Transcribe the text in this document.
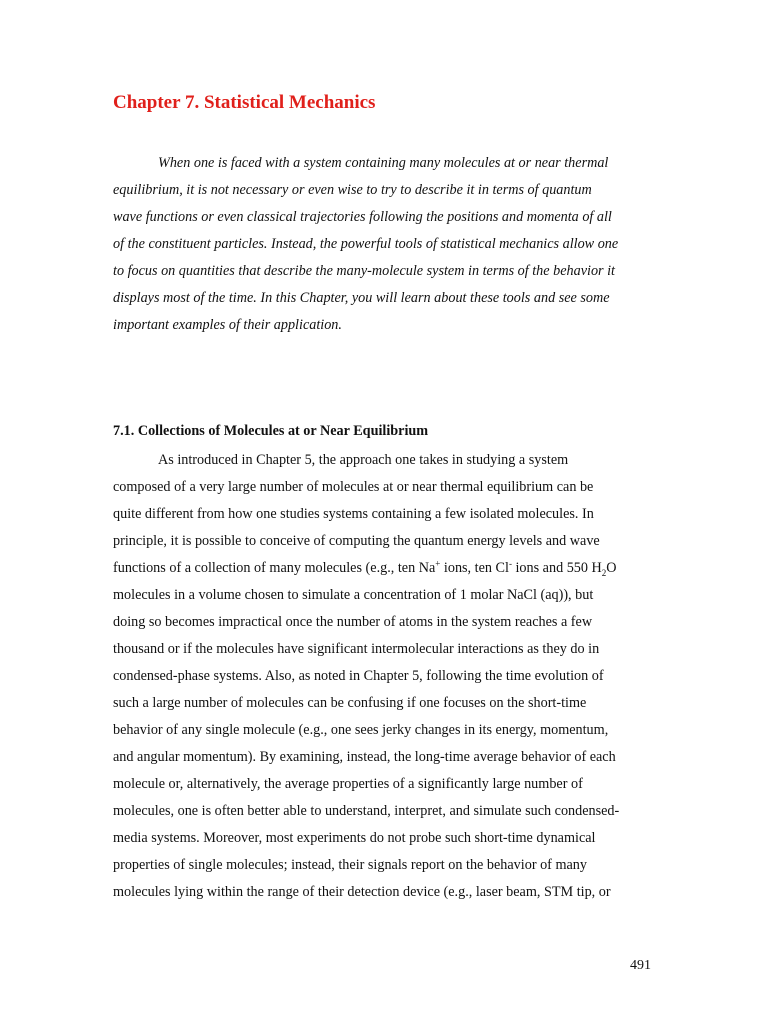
Chapter 7. Statistical Mechanics

When one is faced with a system containing many molecules at or near thermal
equilibrium, it is not necessary or even wise to try to describe it in terms of quantum
wave functions or even classical trajectories following the positions and momenta of all
of the constituent particles. Instead, the powerful tools of statistical mechanics allow one
to focus on quantities that describe the many-molecule system in terms of the behavior it
displays most of the time. In this Chapter, you will learn about these tools and see some
important examples of their application.

7.1. Collections of Molecules at or Near Equilibrium

As introduced in Chapter 5, the approach one takes in studying a system
composed of a very large number of molecules at or near thermal equilibrium can be
quite different from how one studies systems containing a few isolated molecules. In
principle, it is possible to conceive of computing the quantum energy levels and wave
functions of a collection of many molecules (e.g., ten Na+ ions, ten Cl- ions and 550 $H_2O$
molecules in a volume chosen to simulate a concentration of 1 molar NaCl (aq)), but
doing so becomes impractical once the number of atoms in the system reaches a few
thousand or if the molecules have significant intermolecular interactions as they do in
condensed-phase systems. Also, as noted in Chapter 5, following the time evolution of
such a large number of molecules can be confusing if one focuses on the short-time
behavior of any single molecule (e.g., one sees jerky changes in its energy, momentum,
and angular momentum). By examining, instead, the long-time average behavior of each
molecule or, alternatively, the average properties of a significantly large number of
molecules, one is often better able to understand, interpret, and simulate such condensed-
media systems. Moreover, most experiments do not probe such short-time dynamical
properties of single molecules; instead, their signals report on the behavior of many
molecules lying within the range of their detection device (e.g., laser beam, STM tip, or

491
